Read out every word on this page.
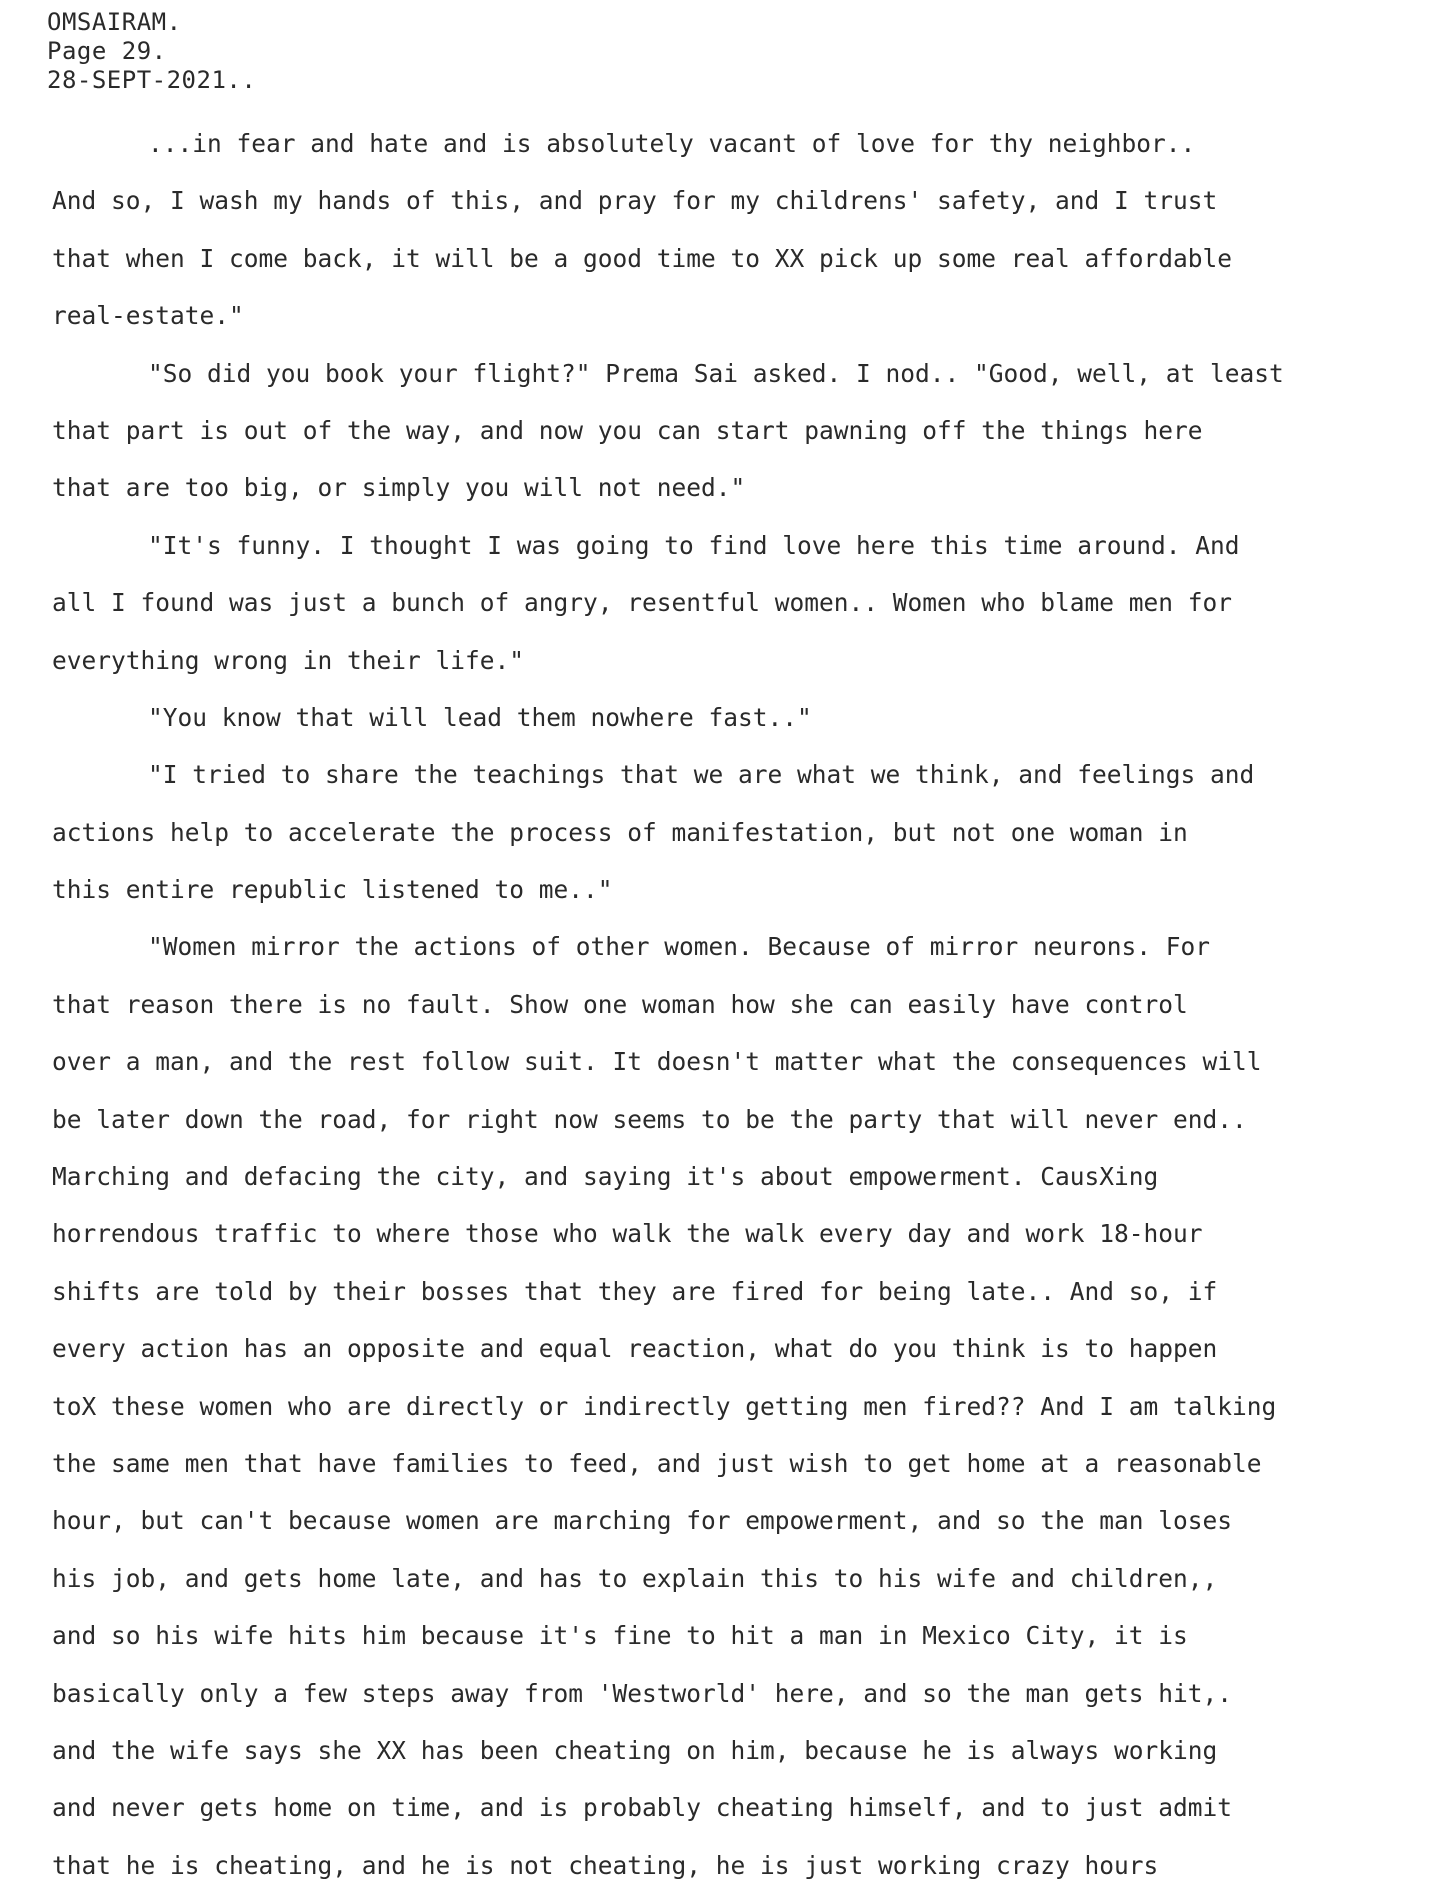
OMSAIRAM.
Page 29.
28-SEPT-2021..
...in fear and hate and is absolutely vacant of love for thy neighbor..
And so, I wash my hands of this, and pray for my childrens' safety, and I trust
that when I come back, it will be a good time to XX pick up some real affordable
real-estate."
"So did you book your flight?" Prema Sai asked. I nod.. "Good, well, at least
that part is out of the way, and now you can start pawning off the things here
that are too big, or simply you will not need."
"It's funny. I thought I was going to find love here this time around. And
all I found was just a bunch of angry, resentful women.. Women who blame men for
everything wrong in their life."
"You know that will lead them nowhere fast.."
"I tried to share the teachings that we are what we think, and feelings and
actions help to accelerate the process of manifestation, but not one woman in
this entire republic listened to me.."
"Women mirror the actions of other women. Because of mirror neurons. For
that reason there is no fault. Show one woman how she can easily have control
over a man, and the rest follow suit. It doesn't matter what the consequences will
be later down the road, for right now seems to be the party that will never end..
Marching and defacing the city, and saying it's about empowerment. CausXing
horrendous traffic to where those who walk the walk every day and work 18-hour
shifts are told by their bosses that they are fired for being late.. And so, if
every action has an opposite and equal reaction, what do you think is to happen
toX these women who are directly or indirectly getting men fired?? And I am talking
the same men that have families to feed, and just wish to get home at a reasonable
hour, but can't because women are marching for empowerment, and so the man loses
his job, and gets home late, and has to explain this to his wife and children,,
and so his wife hits him because it's fine to hit a man in Mexico City, it is
basically only a few steps away from 'Westworld' here, and so the man gets hit,.
and the wife says she XX has been cheating on him, because he is always working
and never gets home on time, and is probably cheating himself, and to just admit
that he is cheating, and he is not cheating, he is just working crazy hours
